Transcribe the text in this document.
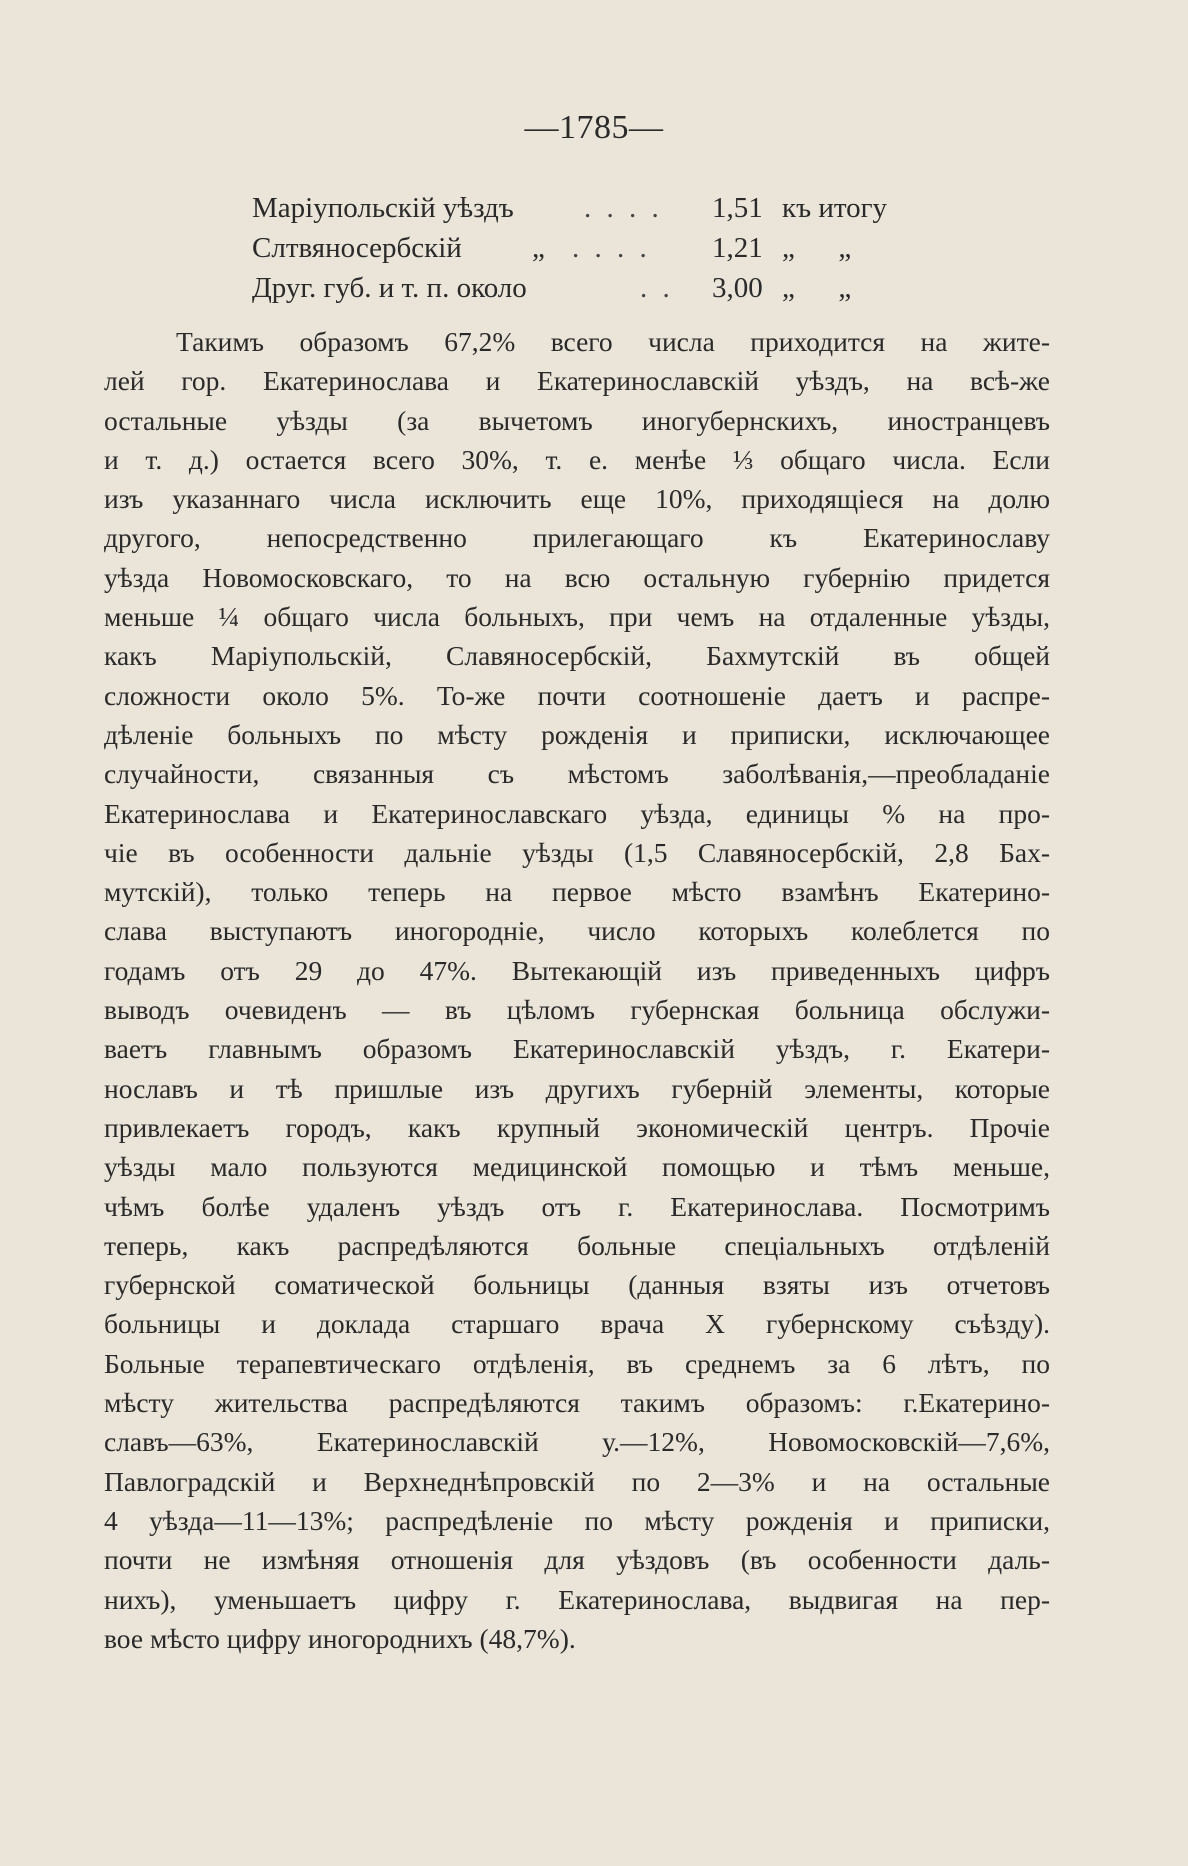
—1785—
Маріупольскій уѣздъ . . . . 1,51 къ итогу
Слтвяносербскій „ . . . . 1,21 „      „
Друг. губ. и т. п. около	. . 3,00 „      „
Такимъ образомъ 67,2% всего числа приходится на жите-
лей гор. Екатеринослава и Екатеринославскій уѣздъ, на всѣ-же
остальные уѣзды (за вычетомъ иногубернскихъ, иностранцевъ
и т. д.) остается всего 30%, т. е. менѣе ⅓ общаго числа. Если
изъ указаннаго числа исключить еще 10%, приходящіеся на долю
другого, непосредственно прилегающаго къ Екатеринославу
уѣзда Новомосковскаго, то на всю остальную губернію придется
меньше ¼ общаго числа больныхъ, при чемъ на отдаленные уѣзды,
какъ Маріупольскій, Славяносербскій, Бахмутскій въ общей
сложности около 5%. То-же почти соотношеніе даетъ и распре-
дѣленіе больныхъ по мѣсту рожденія и приписки, исключающее
случайности, связанныя съ мѣстомъ заболѣванія,—преобладаніе
Екатеринослава и Екатеринославскаго уѣзда, единицы % на про-
чіе въ особенности дальніе уѣзды (1,5 Славяносербскій, 2,8 Бах-
мутскій), только теперь на первое мѣсто взамѣнъ Екатерино-
слава выступаютъ иногородніе, число которыхъ колеблется по
годамъ отъ 29 до 47%. Вытекающій изъ приведенныхъ цифръ
выводъ очевиденъ — въ цѣломъ губернская больница обслужи-
ваетъ главнымъ образомъ Екатеринославскій уѣздъ, г. Екатери-
нославъ и тѣ пришлые изъ другихъ губерній элементы, которые
привлекаетъ городъ, какъ крупный экономическій центръ. Прочіе
уѣзды мало пользуются медицинской помощью и тѣмъ меньше,
чѣмъ болѣе удаленъ уѣздъ отъ г. Екатеринослава. Посмотримъ
теперь, какъ распредѣляются больные спеціальныхъ отдѣленій
губернской соматической больницы (данныя взяты изъ отчетовъ
больницы и доклада старшаго врача X губернскому съѣзду).
Больные терапевтическаго отдѣленія, въ среднемъ за 6 лѣтъ, по
мѣсту жительства распредѣляются такимъ образомъ: г.Екатерино-
славъ—63%, Екатеринославскій у.—12%, Новомосковскій—7,6%,
Павлоградскій и Верхнеднѣпровскій по 2—3% и на остальные
4 уѣзда—11—13%; распредѣленіе по мѣсту рожденія и приписки,
почти не измѣняя отношенія для уѣздовъ (въ особенности даль-
нихъ), уменьшаетъ цифру г. Екатеринослава, выдвигая на пер-
вое мѣсто цифру иногороднихъ (48,7%).
